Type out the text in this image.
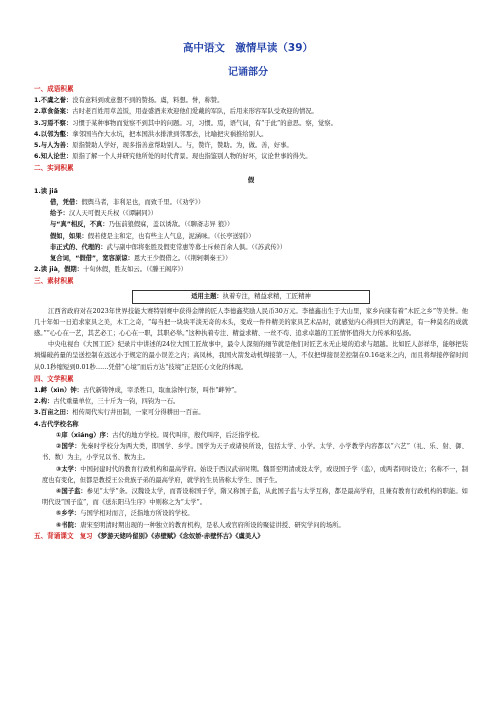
高中语文　激情早读（39）
记诵部分
一、成语积累
1.不虞之誉：没有意料到或意想不到的赞扬。虞，料想。誉，称赞。
2.草食备案：古时老百姓用草盖饭，用壶盛酒来欢迎他们爱戴的军队，后用来形容军队受欢迎的情况。
3.习焉不察：习惯于某种事物而觉察不到其中的问题。习，习惯。焉，语气词，有“于此”的意思。察，觉察。
4.以邻为壑：拿邻国当作大水坑，把本国洪水排泄到邻那去，比喻把灾祸推给别人。
5.与人为善：原指赞助人学好，现多指善意帮助别人。与，赞许，赞助。为，做。善，好事。
6.知人论世：原指了解一个人并研究他所处的时代背景。现也指鉴别人物的好坏，议论世事的得失。
二、实词积累
假
1.读 jiǎ
借，凭借：假舆马者，非利足也，而致千里。（《劝学》）
给予：汉人天可假天兵权（《谭嗣同》）
与“真”相反，不真：乃伍前狼假寐，盖以诱敌。（《聊斋志异 狼》）
假如，如果：假若使是主和定，也有些主人气息，泥涵味。（《长亭送别》）
非正式的、代理的：武与副中郎将张胜及假吏常惠等募士斥候百余人俱。（《苏武传》）
复合词，“假借”，宽容原谅：恩大王少假借之。（《荆轲刺秦王》）
2.读 jià，假期：十旬休假，胜友如云。（《滕王阁序》）
三、素材积累
适用主题：执着专注，精益求精，工匠精神
江西省政府对在2023年世界技能大赛特别赛中获得金牌的匠人李德鑫奖励人民币30万元。李德鑫出生于大山里，家乡向康有着“木匠之乡”等美誉。他几十年如一日追求家具之美，木工之奇，“每当把一块块平淡无奇的木头，变成一件件精美的家具艺术品时，就感觉内心得到巨大的满足，有一种莫名的成就感。”“心心在一艺，其艺必工；心心在一职，其职必举。”这种执着专注、精益求精、一丝不苟、追求卓越的工匠情怀值得大力传承和弘扬。
中央电视台《大国工匠》纪录片中讲述的24位大国工匠故事中，最令人深刻的细节就是他们对匠艺永无止境的追求与超越。比如匠人彭祥华，能够把装填爆破药量的呈送控制在远远小于规定的最小误差之内；高凤林，我国火箭发动机焊接第一人，不仅把焊接误差控制在0.16毫米之内，而且将焊接停留时间从0.1秒缩短到0.01秒……凭借“心境”而后方达“技境”正是匠心文化的体现。
四、文学积累
1.衅（xìn）钟：古代新铸钟成，宰杀牲口，取血涂钟行祭，叫作“衅钟”。
2.构：古代重量单位，三十斤为一钧，四钧为一石。
3.百亩之田：相传周代实行井田制，一家可分得耕田一百亩。
4.古代学校名称
①庠（xiáng）序：古代的地方学校。周代叫庠，殷代叫序，后泛指学校。
②国学：先秦时学校分为两大类，即国学、乡学。国学为天子或诸侯所设，包括太学、小学。太学、小学教学内容都以“六艺”（礼、乐、射、御、书、数）为主，小学兄以书、数为主。
③太学：中国封建时代的教育行政机构和最高学府。始设于西汉武帝时期。魏晋至明清或设太学，或设国子学（监），或两者同时设立；名称不一，制度也有变化，但都是教授王公贵族子弟的最高学府，就学的生员皆称太学生、国子生。
④国子监：参见“太学”条。汉魏设太学，而晋设称国子学，隋又称国子监，从此国子监与太学互称，都是最高学府，且兼有教育行政机构的职能。如明代设“国子监”，而《送东阳马生序》中则称之为“太学”。
⑤乡学：与国学相对而言，泛指地方所设的学校。
⑥书院：唐宋至明清时期出现的一种独立的教育机构，是私人或官府所设的聚徒讲授、研究学问的场所。
五、背诵课文　 复习 《梦游天姥吟留别》《赤壁赋》《念奴娇·赤壁怀古》《虞美人》
